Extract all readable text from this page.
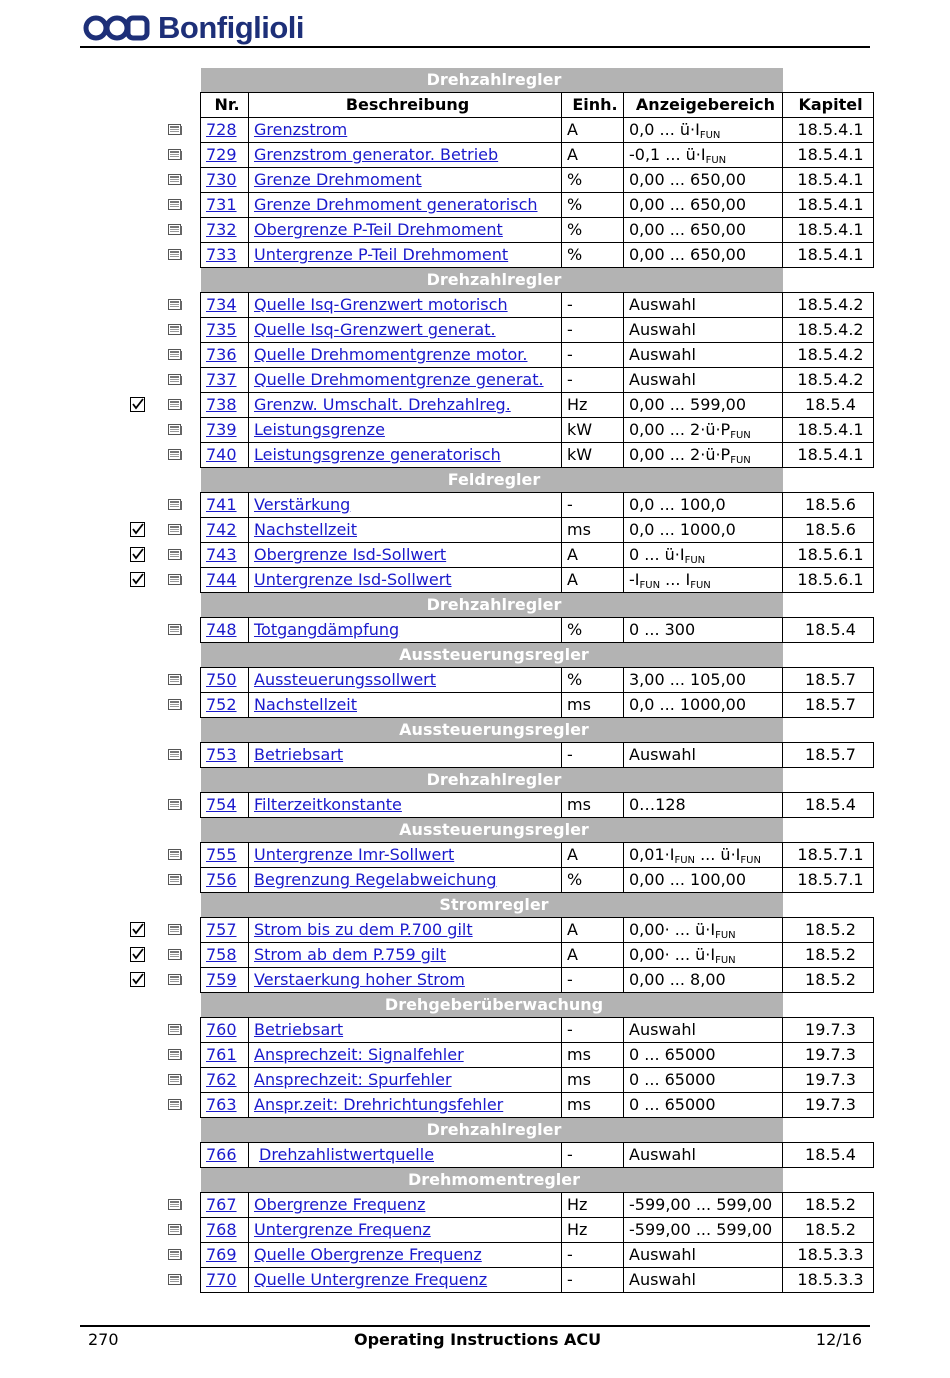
Bonfiglioli
Drehzahlregler				
Nr.	Beschreibung	Einh.	Anzeigebereich	Kapitel
728	Grenzstrom	A	0,0 ... $ü\cdot I_{FUN}$	18.5.4.1
729	Grenzstrom generator. Betrieb	A	-0,1 ... $ü\cdot I_{FUN}$	18.5.4.1
730	Grenze Drehmoment	%	0,00 ... 650,00	18.5.4.1
731	Grenze Drehmoment generatorisch	%	0,00 ... 650,00	18.5.4.1
732	Obergrenze P-Teil Drehmoment	%	0,00 ... 650,00	18.5.4.1
733	Untergrenze P-Teil Drehmoment	%	0,00 ... 650,00	18.5.4.1
Drehzahlregler				
734	Quelle Isq-Grenzwert motorisch	-	Auswahl	18.5.4.2
735	Quelle Isq-Grenzwert generat.	-	Auswahl	18.5.4.2
736	Quelle Drehmomentgrenze motor.	-	Auswahl	18.5.4.2
737	Quelle Drehmomentgrenze generat.	-	Auswahl	18.5.4.2
738	Grenzw. Umschalt. Drehzahlreg.	Hz	0,00 ... 599,00	18.5.4
739	Leistungsgrenze	kW	0,00 ... $2\cdot ü\cdot P_{FUN}$	18.5.4.1
740	Leistungsgrenze generatorisch	kW	0,00 ... $2\cdot ü\cdot P_{FUN}$	18.5.4.1
Feldregler				
741	Verstärkung	-	0,0 ... 100,0	18.5.6
742	Nachstellzeit	ms	0,0 ... 1000,0	18.5.6
743	Obergrenze Isd-Sollwert	A	0 ... $ü\cdot I_{FUN}$	18.5.6.1
744	Untergrenze Isd-Sollwert	A	$-I_{FUN}$ ... $I_{FUN}$	18.5.6.1
Drehzahlregler				
748	Totgangdämpfung	%	0 ... 300	18.5.4
Aussteuerungsregler				
750	Aussteuerungssollwert	%	3,00 ... 105,00	18.5.7
752	Nachstellzeit	ms	0,0 ... 1000,00	18.5.7
Aussteuerungsregler				
753	Betriebsart	-	Auswahl	18.5.7
Drehzahlregler				
754	Filterzeitkonstante	ms	0…128	18.5.4
Aussteuerungsregler				
755	Untergrenze Imr-Sollwert	A	$0,01\cdot I_{FUN}$ ... $ü\cdot I_{FUN}$	18.5.7.1
756	Begrenzung Regelabweichung	%	0,00 ... 100,00	18.5.7.1
Stromregler				
757	Strom bis zu dem P.700 gilt	A	0,00· ... $ü\cdot I_{FUN}$	18.5.2
758	Strom ab dem P.759 gilt	A	0,00· ... $ü\cdot I_{FUN}$	18.5.2
759	Verstaerkung hoher Strom	-	0,00 ... 8,00	18.5.2
Drehgeberüberwachung				
760	Betriebsart	-	Auswahl	19.7.3
761	Ansprechzeit: Signalfehler	ms	0 ... 65000	19.7.3
762	Ansprechzeit: Spurfehler	ms	0 ... 65000	19.7.3
763	Anspr.zeit: Drehrichtungsfehler	ms	0 ... 65000	19.7.3
Drehzahlregler				
766	Drehzahlistwertquelle	-	Auswahl	18.5.4
Drehmomentregler				
767	Obergrenze Frequenz	Hz	-599,00 ... 599,00	18.5.2
768	Untergrenze Frequenz	Hz	-599,00 ... 599,00	18.5.2
769	Quelle Obergrenze Frequenz	-	Auswahl	18.5.3.3
770	Quelle Untergrenze Frequenz	-	Auswahl	18.5.3.3
270	Operating Instructions ACU	12/16
